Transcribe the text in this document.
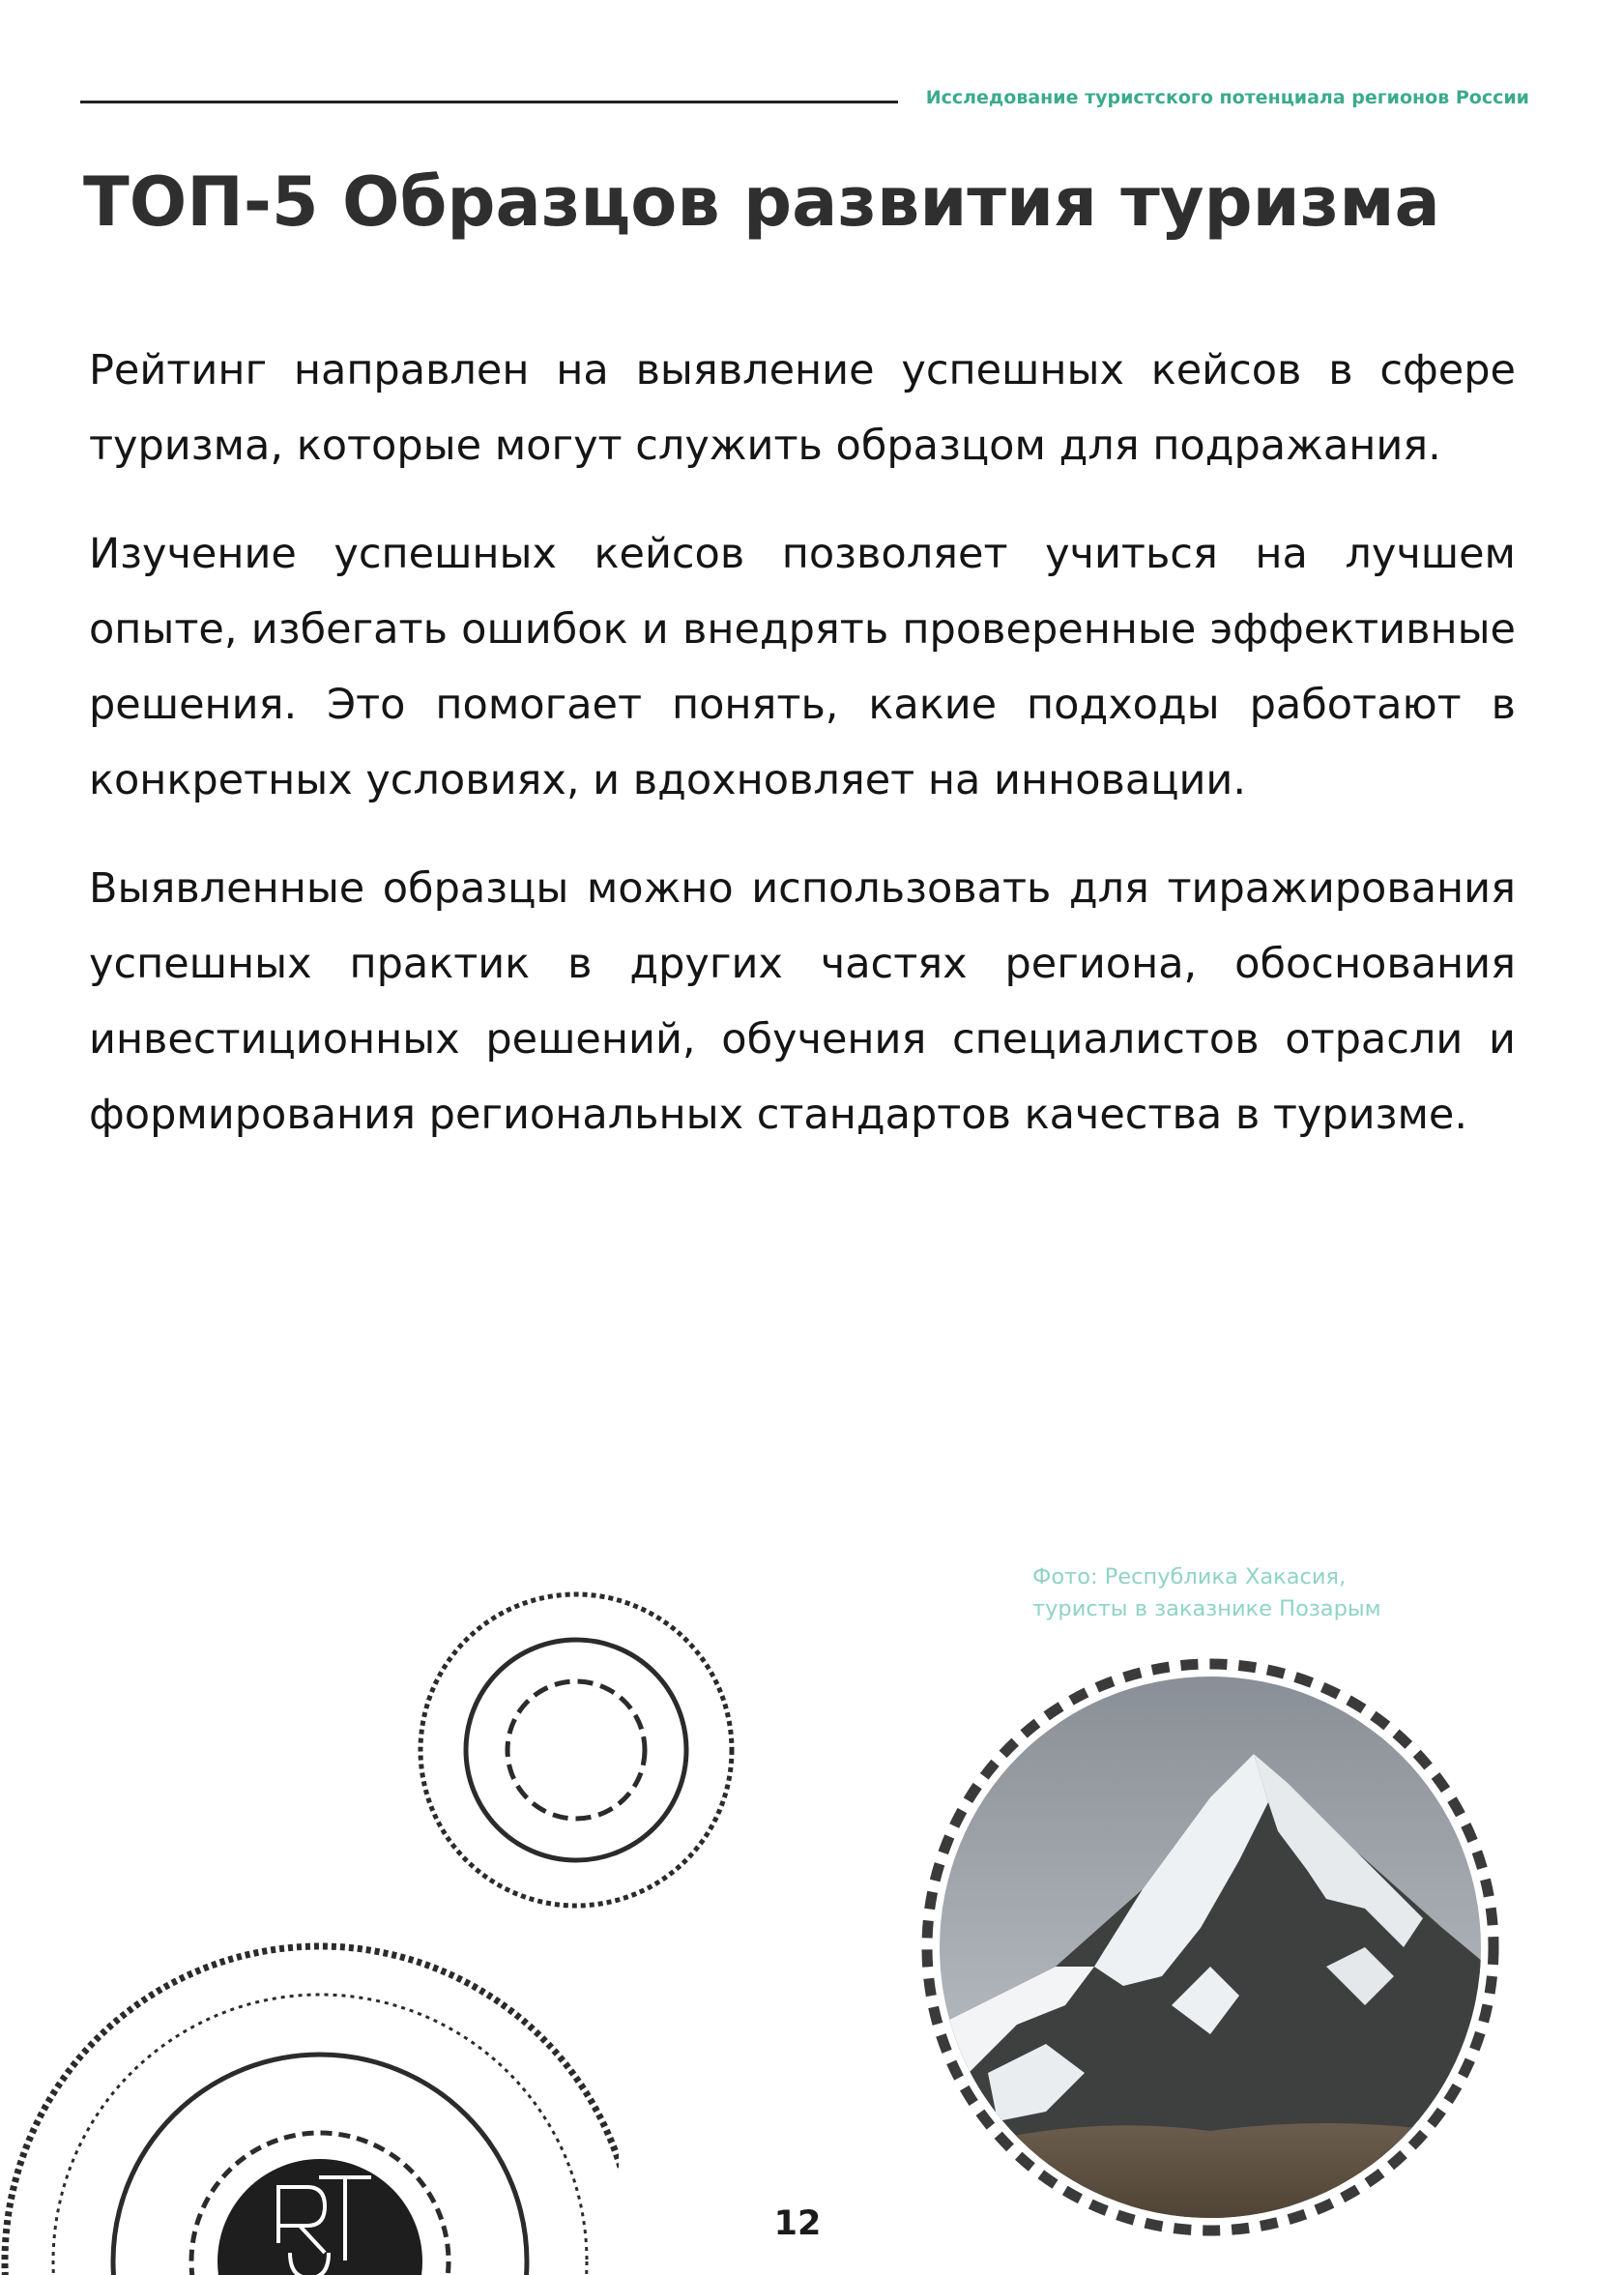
Исследование туристского потенциала регионов России

ТОП-5 Образцов развития туризма

Рейтинг направлен на выявление успешных кейсов в сфере туризма, которые могут служить образцом для подражания.

Изучение успешных кейсов позволяет учиться на лучшем опыте, избегать ошибок и внедрять проверенные эффективные решения. Это помогает понять, какие подходы работают в конкретных условиях, и вдохновляет на инновации.

Выявленные образцы можно использовать для тиражирования успешных практик в других частях региона, обоснования инвестиционных решений, обучения специалистов отрасли и формирования региональных стандартов качества в туризме.

Фото: Республика Хакасия,
туристы в заказнике Позарым

12
